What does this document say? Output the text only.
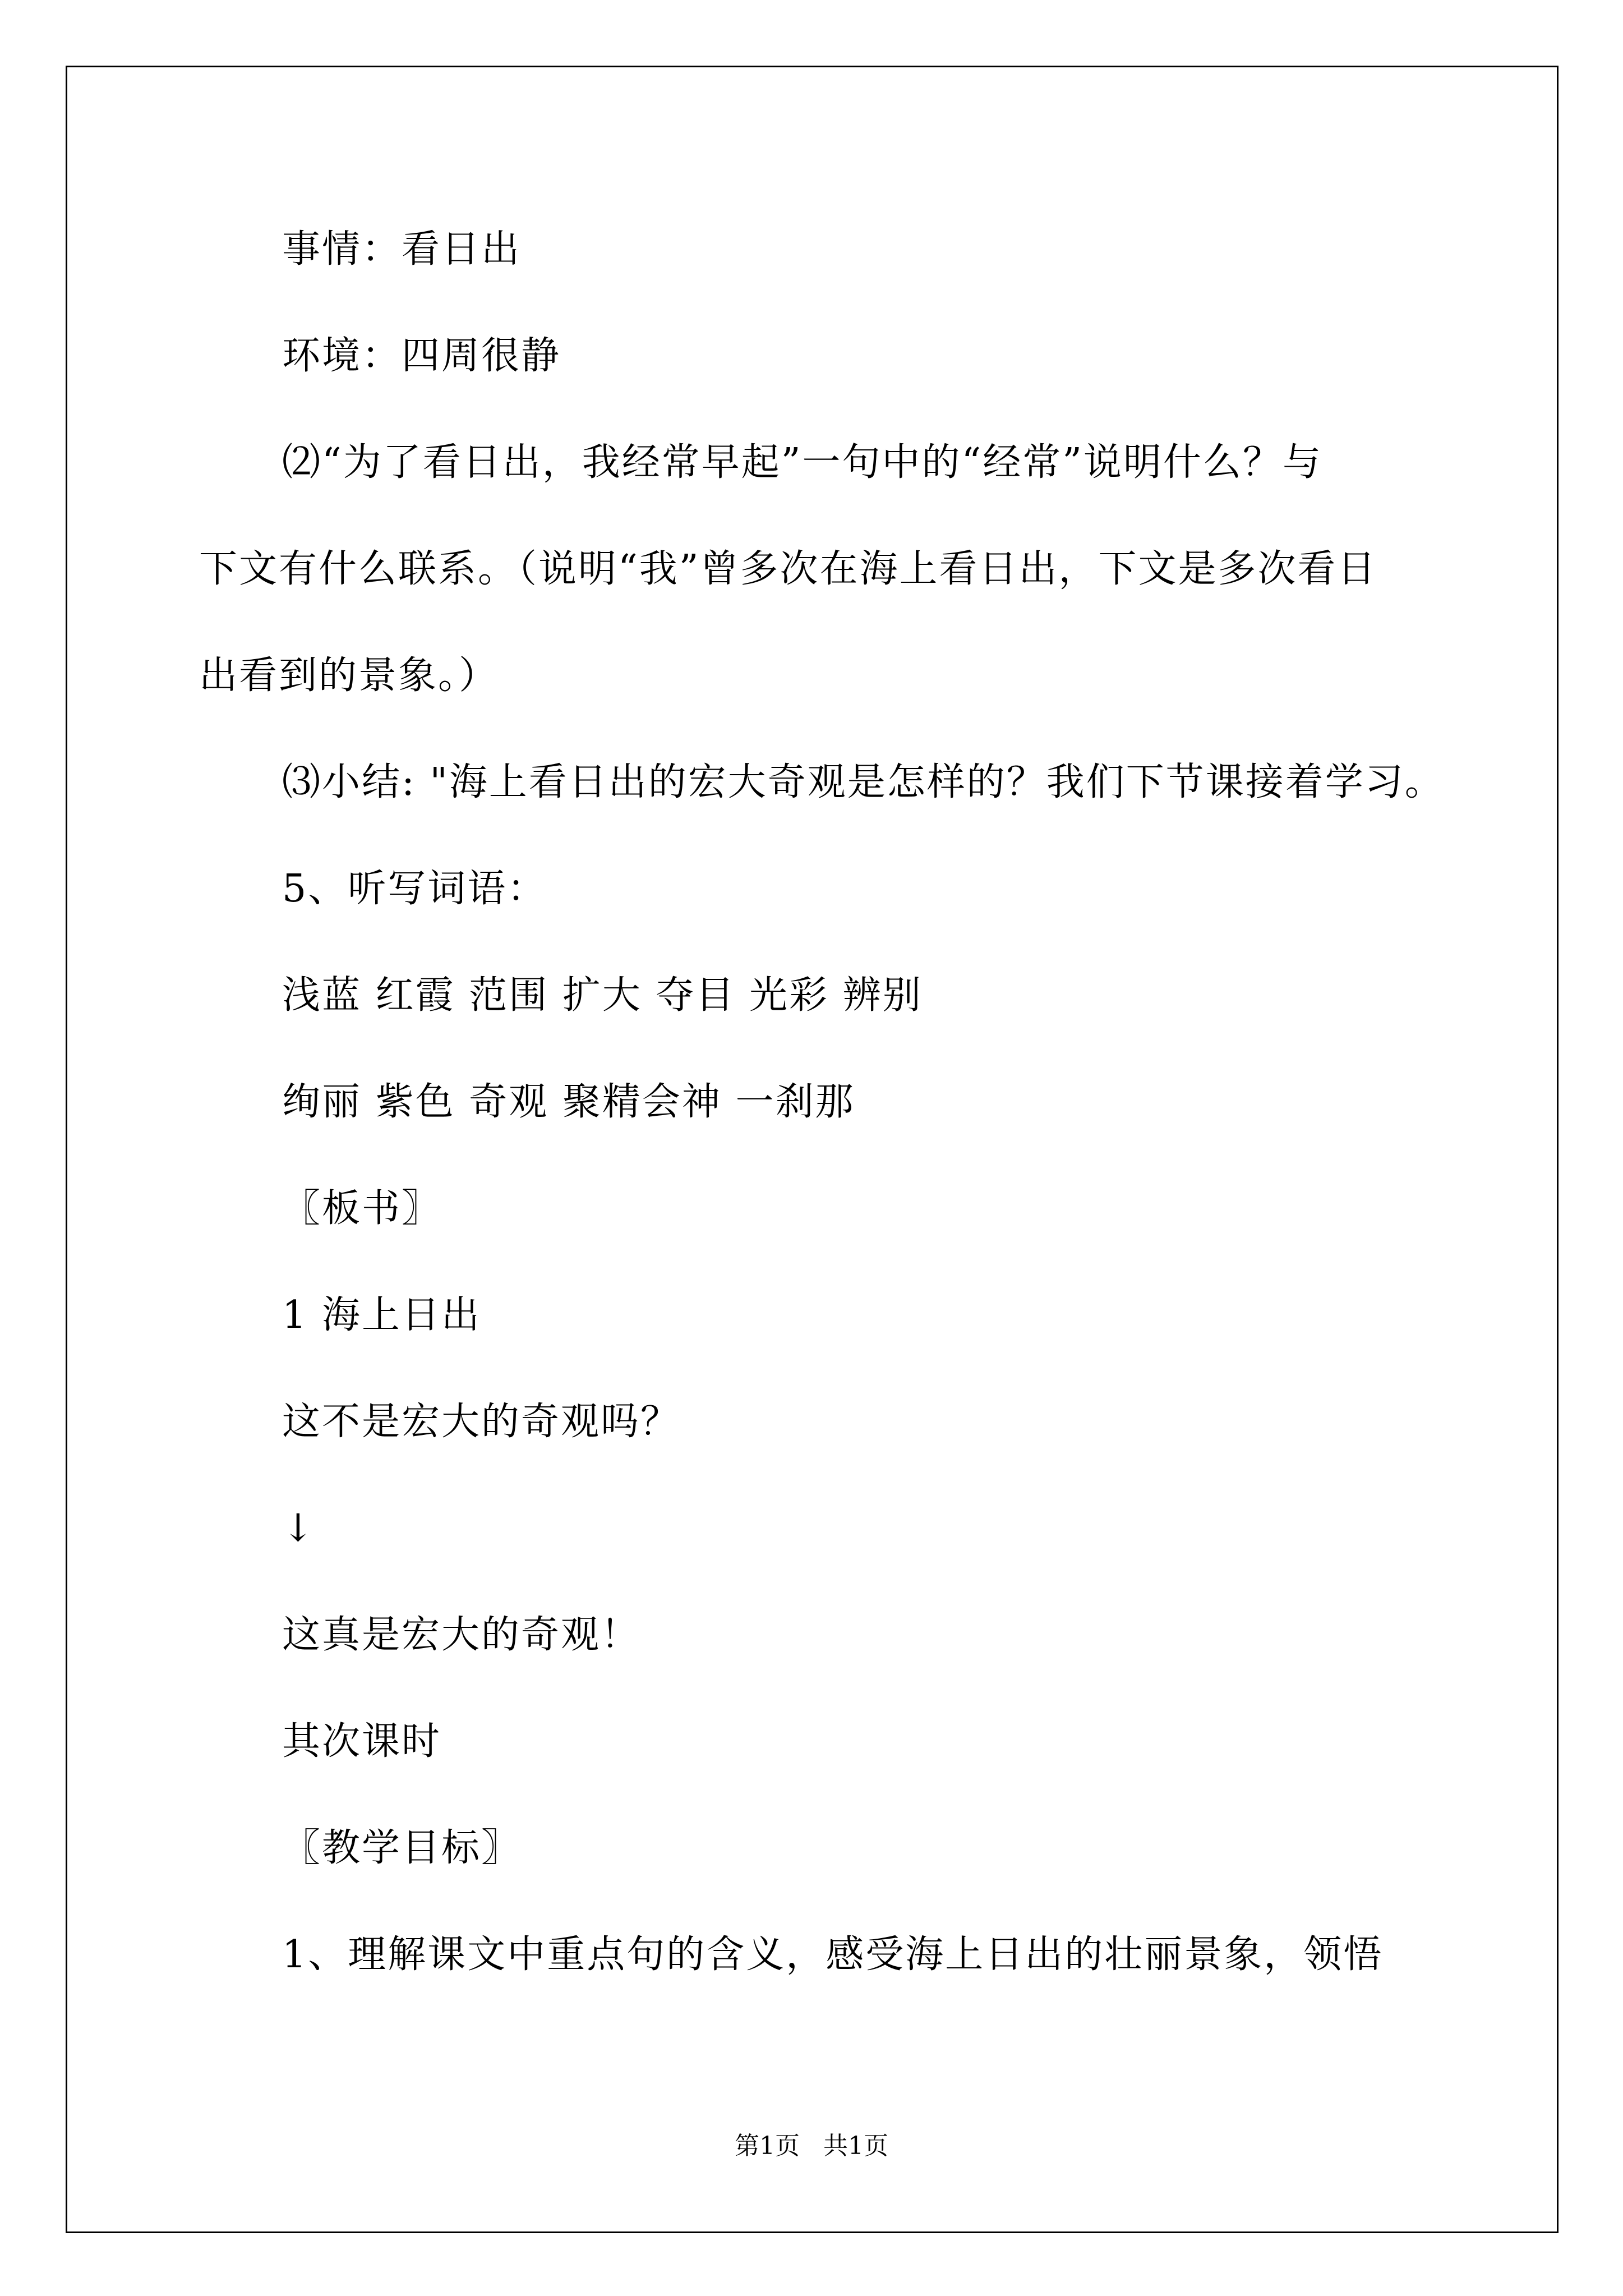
事情：看日出
环境：四周很静
⑵“为了看日出，我经常早起”一句中的“经常”说明什么？与
下文有什么联系。（说明“我”曾多次在海上看日出，下文是多次看日
出看到的景象。）
⑶小结: "海上看日出的宏大奇观是怎样的？我们下节课接着学习。
5、听写词语：
浅蓝 红霞 范围 扩大 夺目 光彩 辨别
绚丽 紫色 奇观 聚精会神 一刹那
〖板书〗
1 海上日出
这不是宏大的奇观吗？
↓
这真是宏大的奇观！
其次课时
〖教学目标〗
1、理解课文中重点句的含义，感受海上日出的壮丽景象，领悟
第1页   共1页
